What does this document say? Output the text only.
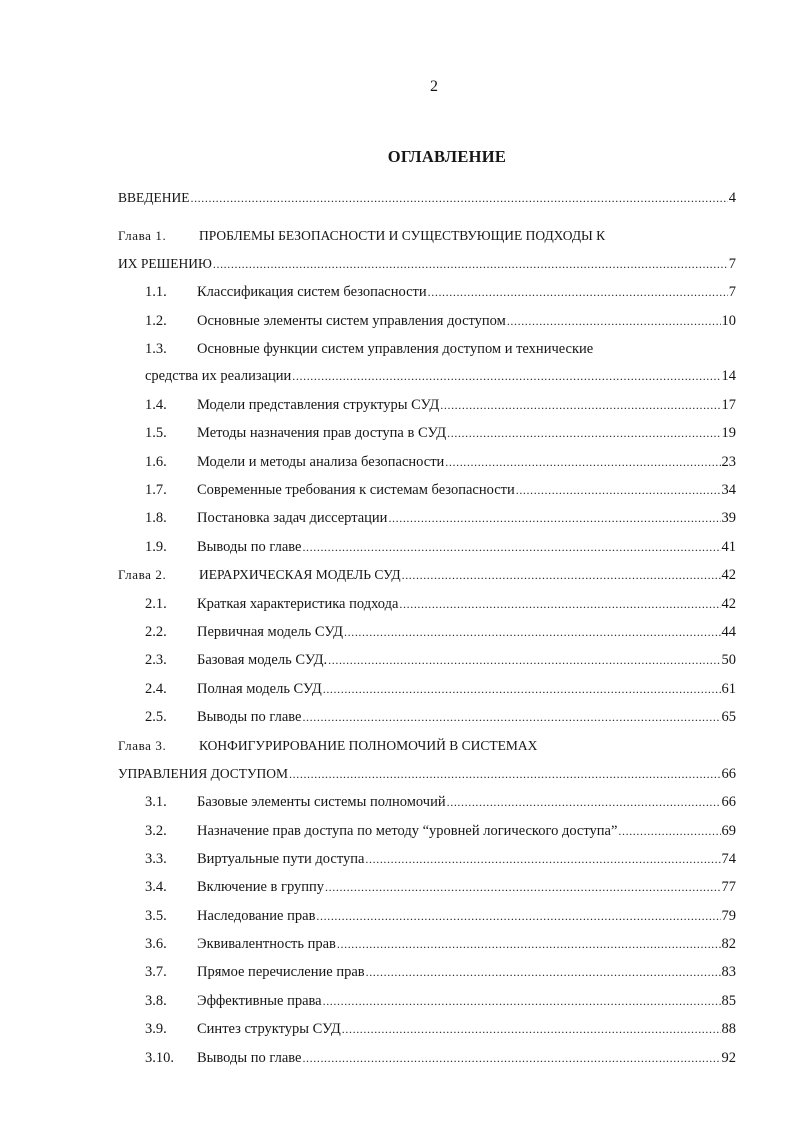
2
ОГЛАВЛЕНИЕ
ВВЕДЕНИЕ .....	4
Глава 1.	ПРОБЛЕМЫ БЕЗОПАСНОСТИ И СУЩЕСТВУЮЩИЕ ПОДХОДЫ К
ИХ РЕШЕНИЮ .....	7
1.1.	Классификация систем безопасности .....	7
1.2.	Основные элементы систем управления доступом .....	10
1.3.	Основные функции систем управления доступом и технические
средства их реализации .....	14
1.4.	Модели представления структуры СУД .....	17
1.5.	Методы назначения прав доступа в СУД .....	19
1.6.	Модели и методы анализа безопасности .....	23
1.7.	Современные требования к системам безопасности .....	34
1.8.	Постановка задач диссертации .....	39
1.9.	Выводы по главе .....	41
Глава 2.	ИЕРАРХИЧЕСКАЯ МОДЕЛЬ СУД .....	42
2.1.	Краткая характеристика подхода .....	42
2.2.	Первичная модель СУД .....	44
2.3.	Базовая модель СУД. .....	50
2.4.	Полная модель СУД .....	61
2.5.	Выводы по главе .....	65
Глава 3.	КОНФИГУРИРОВАНИЕ ПОЛНОМОЧИЙ В СИСТЕМАХ
УПРАВЛЕНИЯ ДОСТУПОМ .....	66
3.1.	Базовые элементы системы полномочий .....	66
3.2.	Назначение прав доступа по методу “уровней логического доступа” .....	69
3.3.	Виртуальные пути доступа .....	74
3.4.	Включение в группу .....	77
3.5.	Наследование прав .....	79
3.6.	Эквивалентность прав .....	82
3.7.	Прямое перечисление прав .....	83
3.8.	Эффективные права .....	85
3.9.	Синтез структуры СУД .....	88
3.10.	Выводы по главе .....	92
